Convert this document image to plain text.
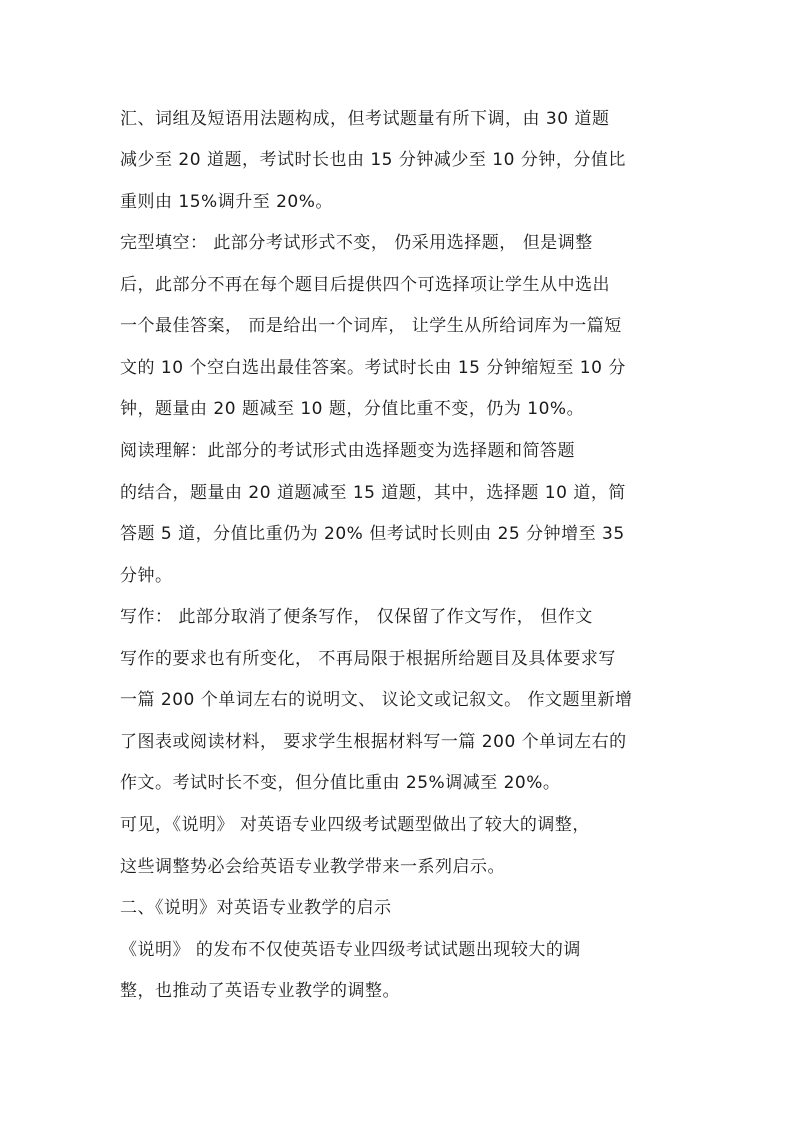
汇、词组及短语用法题构成，但考试题量有所下调，由 30 道题
减少至 20 道题，考试时长也由 15 分钟减少至 10 分钟，分值比
重则由 15%调升至 20%。
完型填空： 此部分考试形式不变， 仍采用选择题， 但是调整
后，此部分不再在每个题目后提供四个可选择项让学生从中选出
一个最佳答案， 而是给出一个词库， 让学生从所给词库为一篇短
文的 10 个空白选出最佳答案。考试时长由 15 分钟缩短至 10 分
钟，题量由 20 题减至 10 题，分值比重不变，仍为 10%。
阅读理解：此部分的考试形式由选择题变为选择题和简答题
的结合，题量由 20 道题减至 15 道题，其中，选择题 10 道，简
答题 5 道，分值比重仍为 20% 但考试时长则由 25 分钟增至 35
分钟。
写作： 此部分取消了便条写作， 仅保留了作文写作， 但作文
写作的要求也有所变化， 不再局限于根据所给题目及具体要求写
一篇 200 个单词左右的说明文、 议论文或记叙文。 作文题里新增
了图表或阅读材料， 要求学生根据材料写一篇 200 个单词左右的
作文。考试时长不变，但分值比重由 25%调减至 20%。
可见，《说明》 对英语专业四级考试题型做出了较大的调整，
这些调整势必会给英语专业教学带来一系列启示。
二、《说明》对英语专业教学的启示
《说明》 的发布不仅使英语专业四级考试试题出现较大的调
整，也推动了英语专业教学的调整。
